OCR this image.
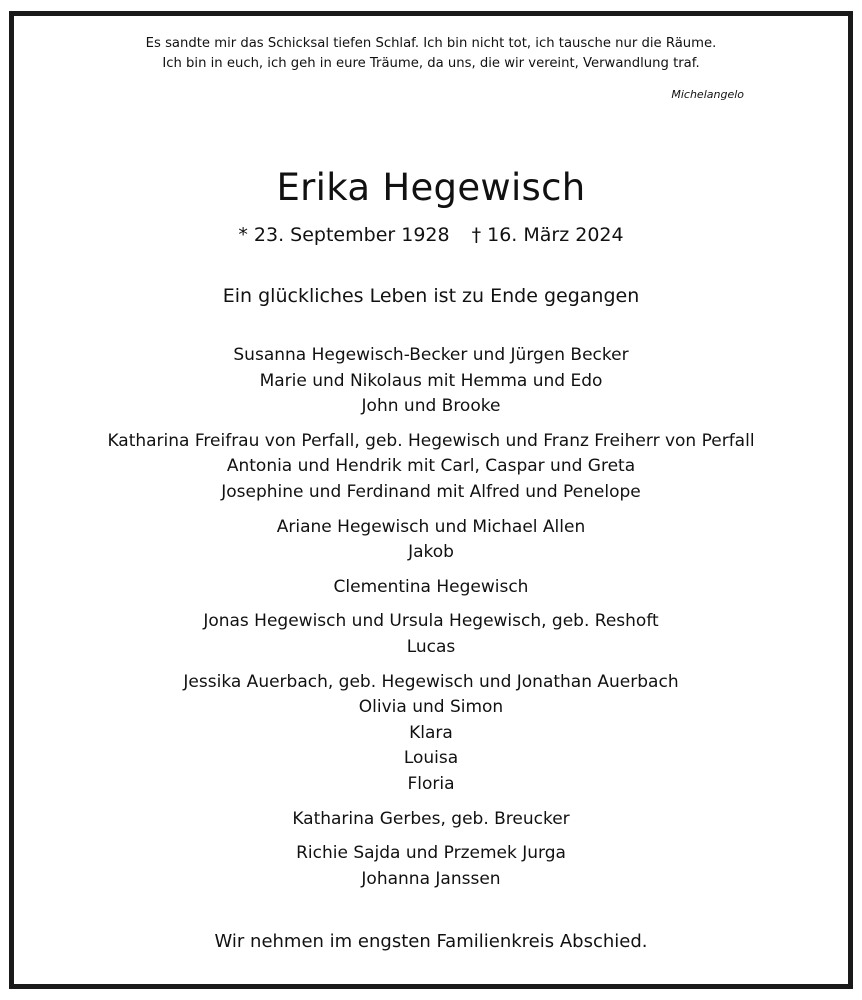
Es sandte mir das Schicksal tiefen Schlaf. Ich bin nicht tot, ich tausche nur die Räume.
Ich bin in euch, ich geh in eure Träume, da uns, die wir vereint, Verwandlung traf.
Michelangelo
Erika Hegewisch
* 23. September 1928 † 16. März 2024
Ein glückliches Leben ist zu Ende gegangen
Susanna Hegewisch-Becker und Jürgen Becker
Marie und Nikolaus mit Hemma und Edo
John und Brooke
Katharina Freifrau von Perfall, geb. Hegewisch und Franz Freiherr von Perfall
Antonia und Hendrik mit Carl, Caspar und Greta
Josephine und Ferdinand mit Alfred und Penelope
Ariane Hegewisch und Michael Allen
Jakob
Clementina Hegewisch
Jonas Hegewisch und Ursula Hegewisch, geb. Reshoft
Lucas
Jessika Auerbach, geb. Hegewisch und Jonathan Auerbach
Olivia und Simon
Klara
Louisa
Floria
Katharina Gerbes, geb. Breucker
Richie Sajda und Przemek Jurga
Johanna Janssen
Wir nehmen im engsten Familienkreis Abschied.
